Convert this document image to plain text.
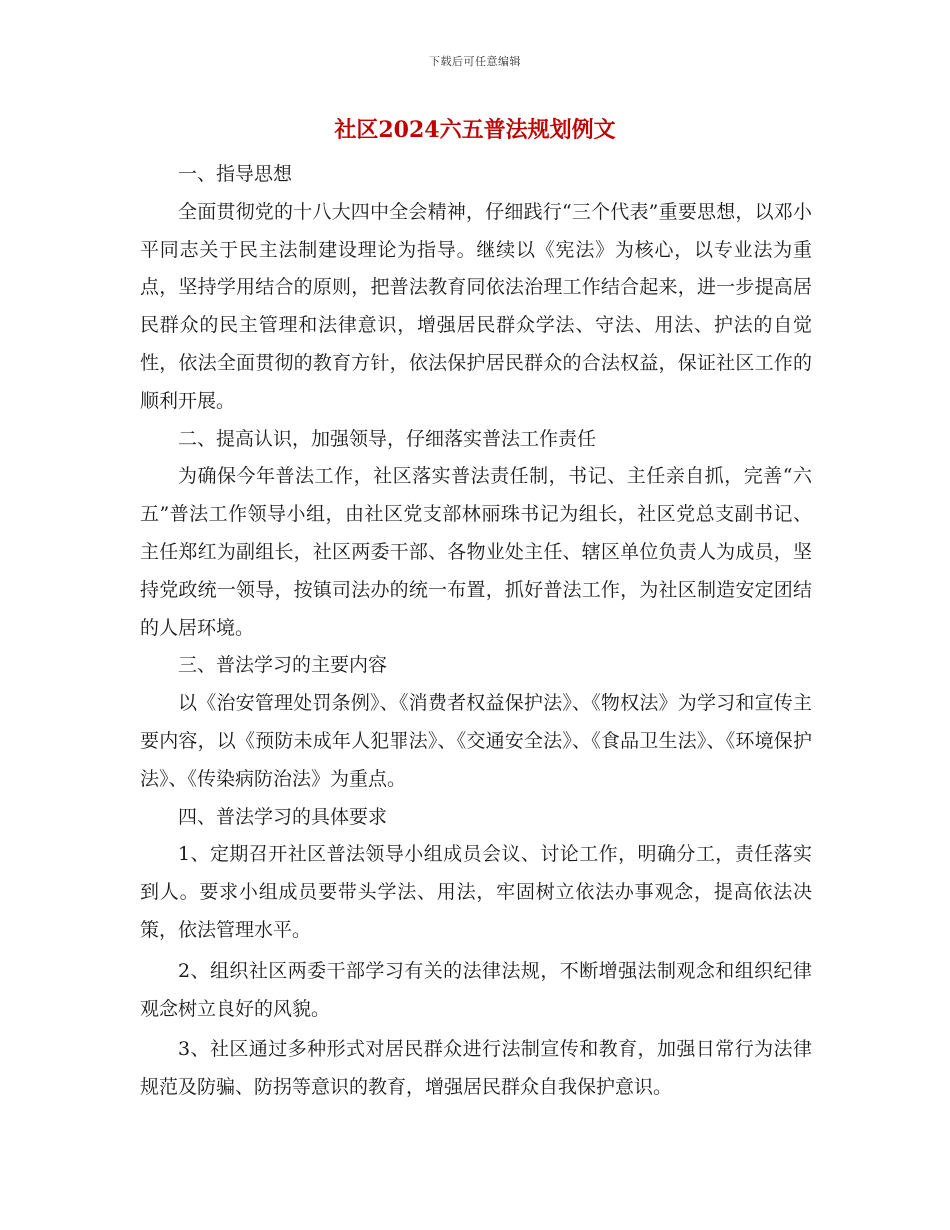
下载后可任意编辑
社区2024六五普法规划例文

一、指导思想

全面贯彻党的十八大四中全会精神，仔细践行“三个代表”重要思想，以邓小平同志关于民主法制建设理论为指导。继续以《宪法》为核心，以专业法为重点，坚持学用结合的原则，把普法教育同依法治理工作结合起来，进一步提高居民群众的民主管理和法律意识，增强居民群众学法、守法、用法、护法的自觉性，依法全面贯彻的教育方针，依法保护居民群众的合法权益，保证社区工作的顺利开展。

二、提高认识，加强领导，仔细落实普法工作责任

为确保今年普法工作，社区落实普法责任制，书记、主任亲自抓，完善“六五”普法工作领导小组，由社区党支部林丽珠书记为组长，社区党总支副书记、主任郑红为副组长，社区两委干部、各物业处主任、辖区单位负责人为成员，坚持党政统一领导，按镇司法办的统一布置，抓好普法工作，为社区制造安定团结的人居环境。

三、普法学习的主要内容

以《治安管理处罚条例》、《消费者权益保护法》、《物权法》为学习和宣传主要内容，以《预防未成年人犯罪法》、《交通安全法》、《食品卫生法》、《环境保护法》、《传染病防治法》为重点。

四、普法学习的具体要求

1、定期召开社区普法领导小组成员会议、讨论工作，明确分工，责任落实到人。要求小组成员要带头学法、用法，牢固树立依法办事观念，提高依法决策，依法管理水平。

2、组织社区两委干部学习有关的法律法规，不断增强法制观念和组织纪律观念树立良好的风貌。

3、社区通过多种形式对居民群众进行法制宣传和教育，加强日常行为法律规范及防骗、防拐等意识的教育，增强居民群众自我保护意识。
